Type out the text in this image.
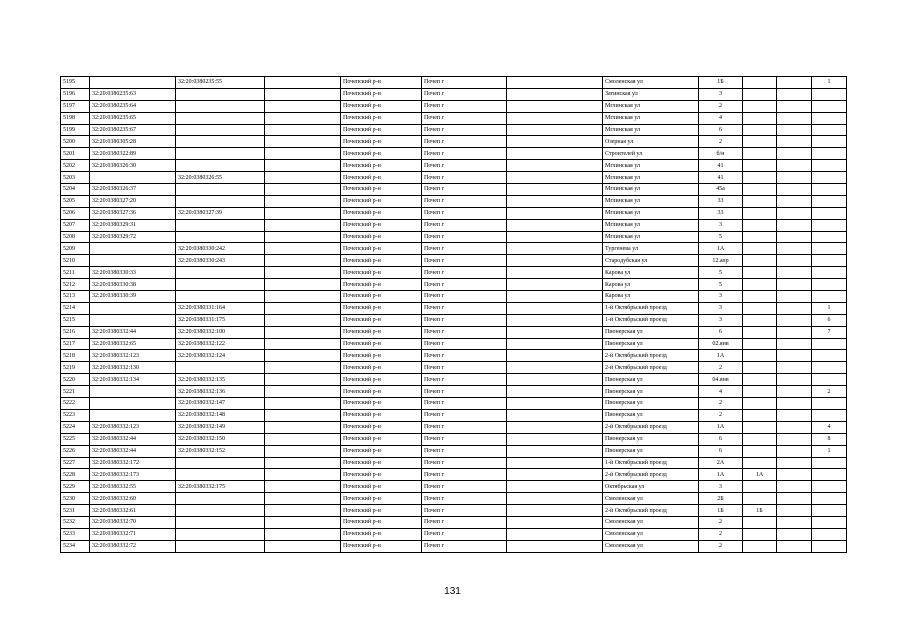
5195		32:20:0380235:55		Почепский р-н	Почеп г		Смоленская ул	1Б			1
5196	32:20:0380235:63			Почепский р-н	Почеп г		Затинская ул	3			
5197	32:20:0380235:64			Почепский р-н	Почеп г		Мглинская ул	2			
5198	32:20:0380235:65			Почепский р-н	Почеп г		Мглинская ул	4			
5199	32:20:0380235:67			Почепский р-н	Почеп г		Мглинская ул	6			
5200	32:20:0380305:28			Почепский р-н	Почеп г		Озерная ул	2			
5201	32:20:0380322:89			Почепский р-н	Почеп г		Строителей ул	б/н			
5202	32:20:0380326:30			Почепский р-н	Почеп г		Мглинская ул	41			
5203		32:20:0380326:55		Почепский р-н	Почеп г		Мглинская ул	41			
5204	32:20:0380326:37			Почепский р-н	Почеп г		Мглинская ул	45а			
5205	32:20:0380327:20			Почепский р-н	Почеп г		Мглинская ул	33			
5206	32:20:0380327:36	32:20:0380327:39		Почепский р-н	Почеп г		Мглинская ул	33			
5207	32:20:0380329:31			Почепский р-н	Почеп г		Мглинская ул	3			
5208	32:20:0380329:72			Почепский р-н	Почеп г		Мглинская ул	5			
5209		32:20:0380330:242		Почепский р-н	Почеп г		Тургенева ул	1А			
5210		32:20:0380330:243		Почепский р-н	Почеп г		Стародубская ул	12.апр			
5211	32:20:0380330:33			Почепский р-н	Почеп г		Карова ул	5			
5212	32:20:0380330:38			Почепский р-н	Почеп г		Карова ул	5			
5213	32:20:0380330:39			Почепский р-н	Почеп г		Карова ул	3			
5214		32:20:0380331:164		Почепский р-н	Почеп г		1-й Октябрьский проезд	3			1
5215		32:20:0380331:175		Почепский р-н	Почеп г		1-й Октябрьский проезд	3			6
5216	32:20:0380332:44	32:20:0380332:100		Почепский р-н	Почеп г		Пионерская ул	6			7
5217	32:20:0380332:65	32:20:0380332:122		Почепский р-н	Почеп г		Пионерская ул	02.янв			
5218	32:20:0380332:123	32:20:0380332:124		Почепский р-н	Почеп г		2-й Октябрьский проезд	1А			
5219	32:20:0380332:130			Почепский р-н	Почеп г		2-й Октябрьский проезд	2			
5220	32:20:0380332:134	32:20:0380332:135		Почепский р-н	Почеп г		Пионерская ул	04.янв			
5221		32:20:0380332:136		Почепский р-н	Почеп г		Пионерская ул	4			2
5222		32:20:0380332:147		Почепский р-н	Почеп г		Пионерская ул	2			
5223		32:20:0380332:148		Почепский р-н	Почеп г		Пионерская ул	2			
5224	32:20:0380332:123	32:20:0380332:149		Почепский р-н	Почеп г		2-й Октябрьский проезд	1А			4
5225	32:20:0380332:44	32:20:0380332:150		Почепский р-н	Почеп г		Пионерская ул	6			8
5226	32:20:0380332:44	32:20:0380332:152		Почепский р-н	Почеп г		Пионерская ул	6			1
5227	32:20:0380332:172			Почепский р-н	Почеп г		1-й Октябрьский проезд	2А			
5228	32:20:0380332:173			Почепский р-н	Почеп г		2-й Октябрьский проезд	1А	1А		
5229	32:20:0380332:55	32:20:0380332:175		Почепский р-н	Почеп г		Октябрьская ул	3			
5230	32:20:0380332:60			Почепский р-н	Почеп г		Смоленская ул	2Б			
5231	32:20:0380332:61			Почепский р-н	Почеп г		2-й Октябрьский проезд	1Б	1Б		
5232	32:20:0380332:70			Почепский р-н	Почеп г		Смоленская ул	2			
5233	32:20:0380332:71			Почепский р-н	Почеп г		Смоленская ул	2			
5234	32:20:0380332:72			Почепский р-н	Почеп г		Смоленская ул	2			
131
